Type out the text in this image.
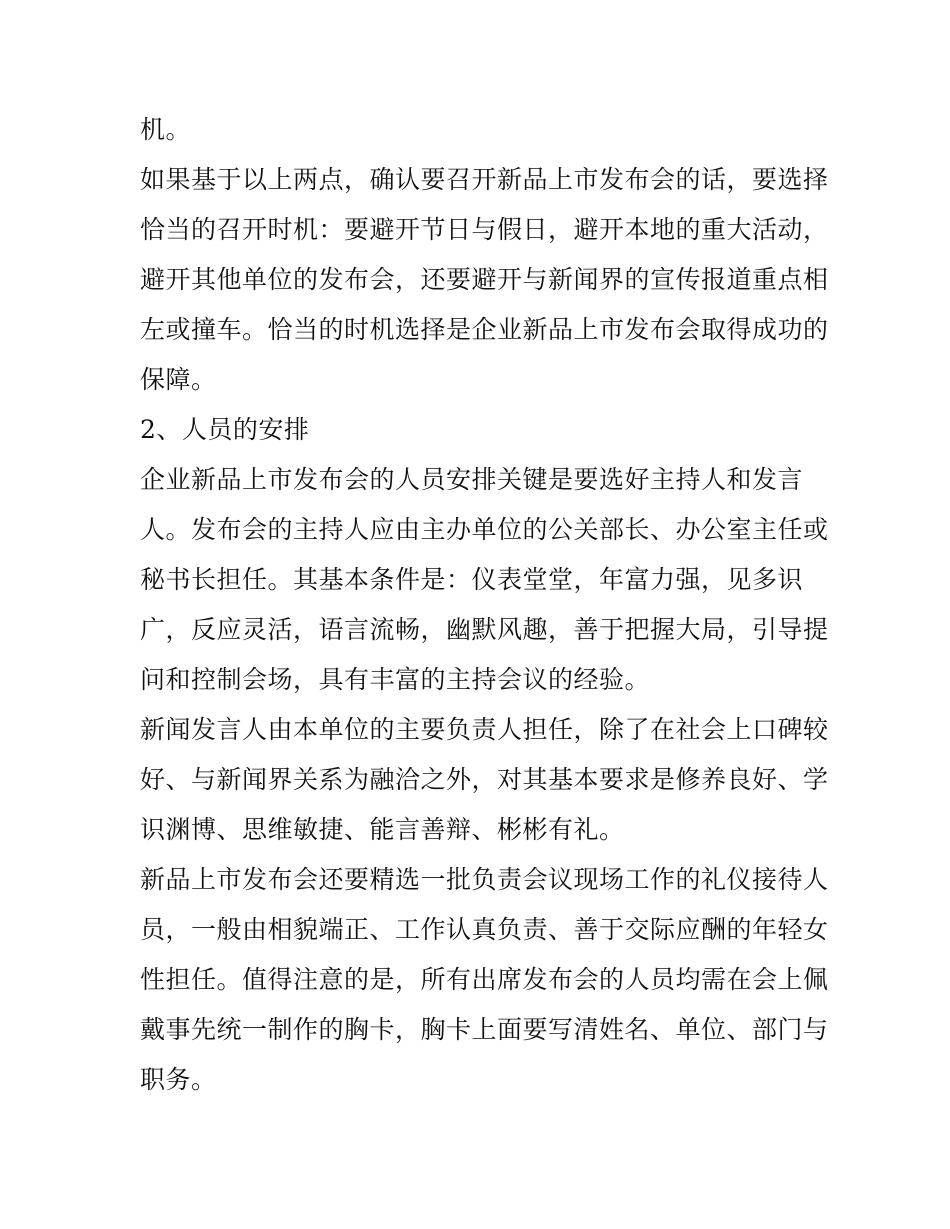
机。
如果基于以上两点，确认要召开新品上市发布会的话，要选择
恰当的召开时机：要避开节日与假日，避开本地的重大活动，
避开其他单位的发布会，还要避开与新闻界的宣传报道重点相
左或撞车。恰当的时机选择是企业新品上市发布会取得成功的
保障。
2、人员的安排
企业新品上市发布会的人员安排关键是要选好主持人和发言
人。发布会的主持人应由主办单位的公关部长、办公室主任或
秘书长担任。其基本条件是：仪表堂堂，年富力强，见多识
广，反应灵活，语言流畅，幽默风趣，善于把握大局，引导提
问和控制会场，具有丰富的主持会议的经验。
新闻发言人由本单位的主要负责人担任，除了在社会上口碑较
好、与新闻界关系为融洽之外，对其基本要求是修养良好、学
识渊博、思维敏捷、能言善辩、彬彬有礼。
新品上市发布会还要精选一批负责会议现场工作的礼仪接待人
员，一般由相貌端正、工作认真负责、善于交际应酬的年轻女
性担任。值得注意的是，所有出席发布会的人员均需在会上佩
戴事先统一制作的胸卡，胸卡上面要写清姓名、单位、部门与
职务。
